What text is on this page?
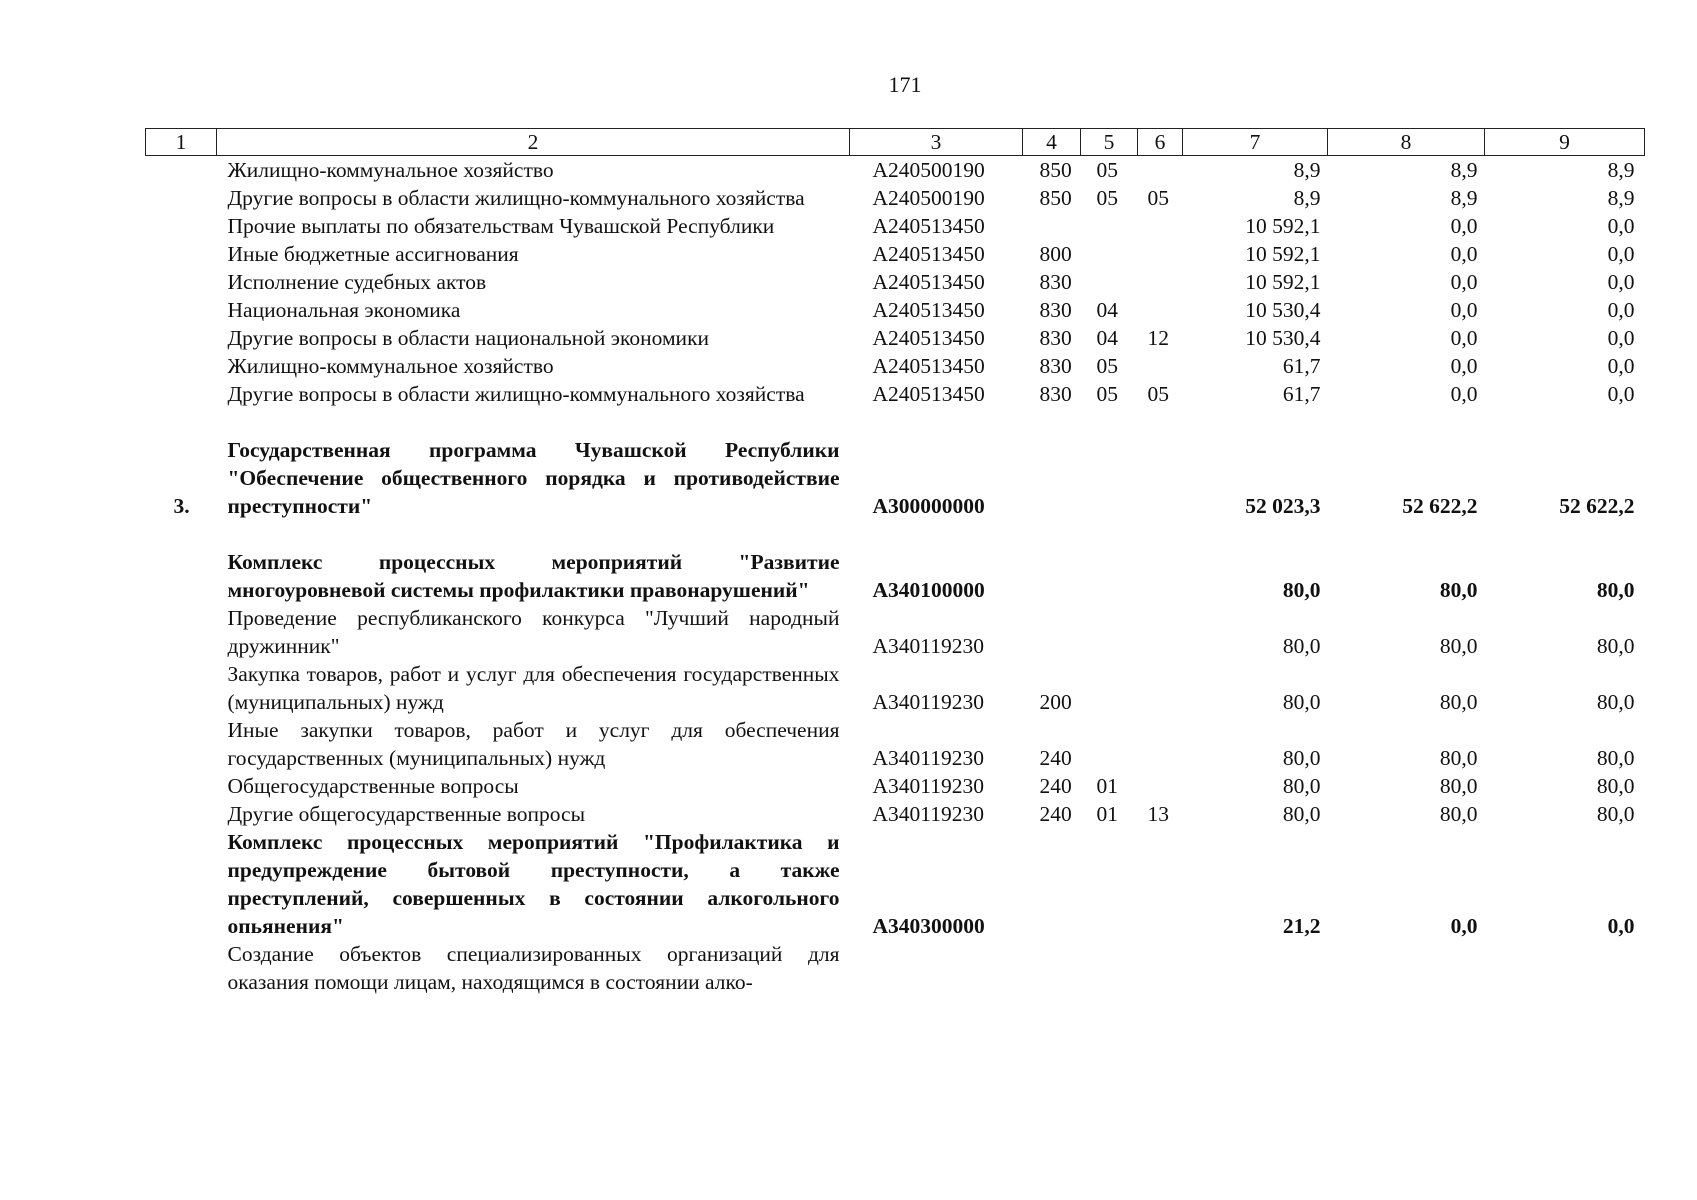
171
1	2	3	4	5	6	7	8	9
	Жилищно-коммунальное хозяйство	А240500190	850	05		8,9	8,9	8,9
	Другие вопросы в области жилищно-коммунального хозяйства	А240500190	850	05	05	8,9	8,9	8,9
	Прочие выплаты по обязательствам Чувашской Республики	А240513450				10 592,1	0,0	0,0
	Иные бюджетные ассигнования	А240513450	800			10 592,1	0,0	0,0
	Исполнение судебных актов	А240513450	830			10 592,1	0,0	0,0
	Национальная экономика	А240513450	830	04		10 530,4	0,0	0,0
	Другие вопросы в области национальной экономики	А240513450	830	04	12	10 530,4	0,0	0,0
	Жилищно-коммунальное хозяйство	А240513450	830	05		61,7	0,0	0,0
	Другие вопросы в области жилищно-коммунального хозяйства	А240513450	830	05	05	61,7	0,0	0,0

3.	Государственная программа Чувашской Республики "Обеспечение общественного порядка и противодействие преступности"	А300000000				52 023,3	52 622,2	52 622,2

	Комплекс процессных мероприятий "Развитие многоуровневой системы профилактики правонарушений"	А340100000				80,0	80,0	80,0
	Проведение республиканского конкурса "Лучший народный дружинник"	А340119230				80,0	80,0	80,0
	Закупка товаров, работ и услуг для обеспечения государственных (муниципальных) нужд	А340119230	200			80,0	80,0	80,0
	Иные закупки товаров, работ и услуг для обеспечения государственных (муниципальных) нужд	А340119230	240			80,0	80,0	80,0
	Общегосударственные вопросы	А340119230	240	01		80,0	80,0	80,0
	Другие общегосударственные вопросы	А340119230	240	01	13	80,0	80,0	80,0
	Комплекс процессных мероприятий "Профилактика и предупреждение бытовой преступности, а также преступлений, совершенных в состоянии алкогольного опьянения"	А340300000				21,2	0,0	0,0
	Создание объектов специализированных организаций для оказания помощи лицам, находящимся в состоянии алко-							
